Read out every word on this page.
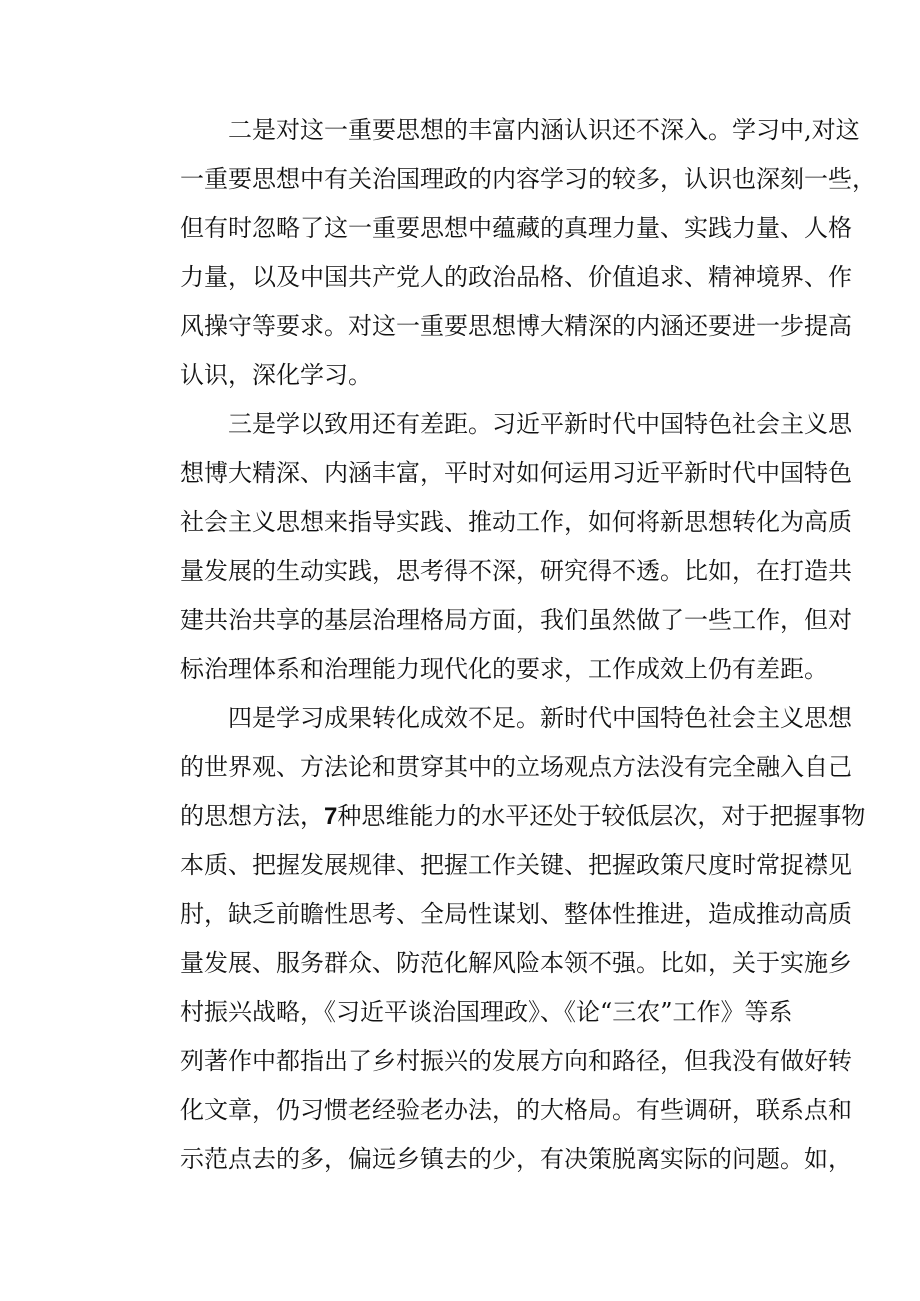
二是对这一重要思想的丰富内涵认识还不深入。学习中,对这
一重要思想中有关治国理政的内容学习的较多，认识也深刻一些，
但有时忽略了这一重要思想中蕴藏的真理力量、实践力量、人格
力量，以及中国共产党人的政治品格、价值追求、精神境界、作
风操守等要求。对这一重要思想博大精深的内涵还要进一步提高
认识，深化学习。
三是学以致用还有差距。习近平新时代中国特色社会主义思
想博大精深、内涵丰富，平时对如何运用习近平新时代中国特色
社会主义思想来指导实践、推动工作，如何将新思想转化为高质
量发展的生动实践，思考得不深，研究得不透。比如，在打造共
建共治共享的基层治理格局方面，我们虽然做了一些工作，但对
标治理体系和治理能力现代化的要求，工作成效上仍有差距。
四是学习成果转化成效不足。新时代中国特色社会主义思想
的世界观、方法论和贯穿其中的立场观点方法没有完全融入自己
的思想方法，7种思维能力的水平还处于较低层次，对于把握事物
本质、把握发展规律、把握工作关键、把握政策尺度时常捉襟见
肘，缺乏前瞻性思考、全局性谋划、整体性推进，造成推动高质
量发展、服务群众、防范化解风险本领不强。比如，关于实施乡
村振兴战略，《习近平谈治国理政》、《论“三农”工作》等系
列著作中都指出了乡村振兴的发展方向和路径，但我没有做好转
化文章，仍习惯老经验老办法，的大格局。有些调研，联系点和
示范点去的多，偏远乡镇去的少，有决策脱离实际的问题。如，
